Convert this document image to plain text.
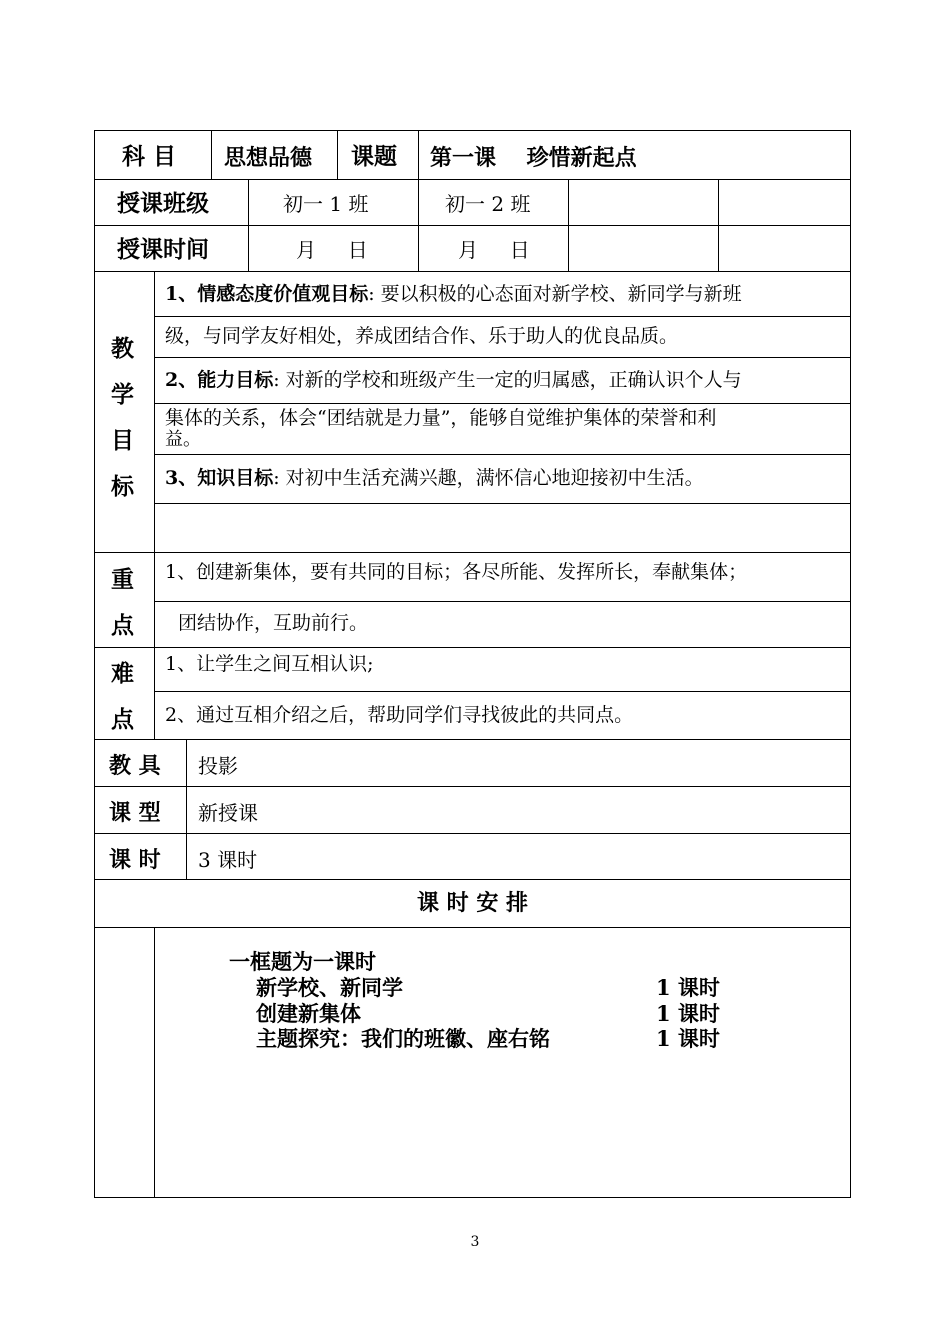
科 目 思想品德 课题 第一课    珍惜新起点
授课班级	初一 1 班	初一 2 班
授课时间	月     日	月     日
教
学
目
标
1、情感态度价值观目标: 要以积极的心态面对新学校、新同学与新班
级，与同学友好相处，养成团结合作、乐于助人的优良品质。
2、能力目标: 对新的学校和班级产生一定的归属感，正确认识个人与
集体的关系，体会“团结就是力量”，能够自觉维护集体的荣誉和利
益。
3、知识目标: 对初中生活充满兴趣，满怀信心地迎接初中生活。
重
点
1、创建新集体，要有共同的目标；各尽所能、发挥所长，奉献集体；
团结协作，互助前行。
难
点
1、让学生之间互相认识;
2、通过互相介绍之后，帮助同学们寻找彼此的共同点。
教 具 投影
课 型 新授课
课 时 3 课时
课 时 安 排
一框题为一课时
新学校、新同学	1 课时
创建新集体	1 课时
主题探究：我们的班徽、座右铭	1 课时
3
